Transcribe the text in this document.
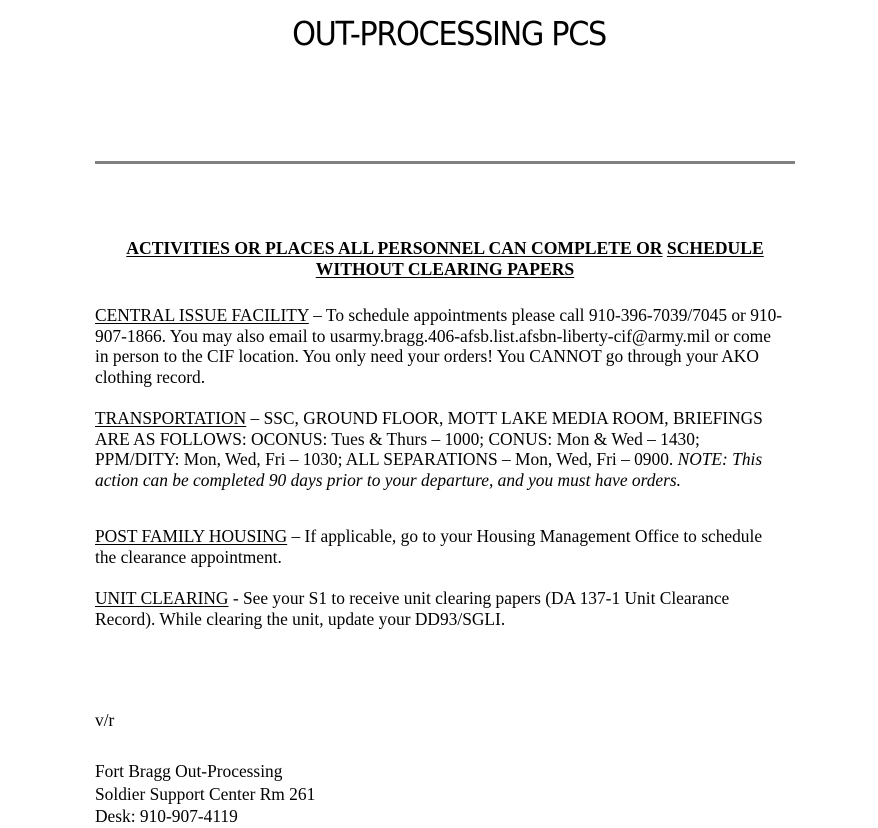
OUT-PROCESSING PCS
ACTIVITIES OR PLACES ALL PERSONNEL CAN COMPLETE OR SCHEDULE
WITHOUT CLEARING PAPERS

CENTRAL ISSUE FACILITY – To schedule appointments please call 910-396-7039/7045 or 910-907-1866. You may also email to usarmy.bragg.406-afsb.list.afsbn-liberty-cif@army.mil or come in person to the CIF location. You only need your orders! You CANNOT go through your AKO clothing record.

TRANSPORTATION – SSC, GROUND FLOOR, MOTT LAKE MEDIA ROOM, BRIEFINGS ARE AS FOLLOWS: OCONUS: Tues & Thurs – 1000; CONUS: Mon & Wed – 1430; PPM/DITY: Mon, Wed, Fri – 1030; ALL SEPARATIONS – Mon, Wed, Fri – 0900. NOTE: This action can be completed 90 days prior to your departure, and you must have orders.

POST FAMILY HOUSING – If applicable, go to your Housing Management Office to schedule the clearance appointment.

UNIT CLEARING - See your S1 to receive unit clearing papers (DA 137-1 Unit Clearance Record). While clearing the unit, update your DD93/SGLI.

v/r

Fort Bragg Out-Processing
Soldier Support Center Rm 261
Desk: 910-907-4119
